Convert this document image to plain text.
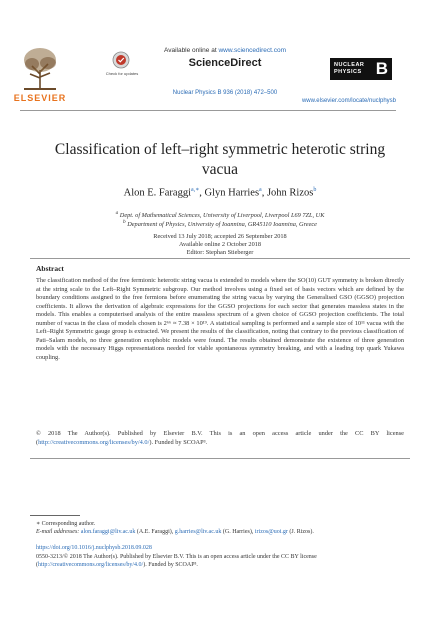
ELSEVIER
Check for updates
Available online at www.sciencedirect.com
ScienceDirect
Nuclear Physics B 936 (2018) 472–500
NUCLEAR
PHYSICS B
www.elsevier.com/locate/nuclphysb
Classification of left–right symmetric heterotic string vacua
Alon E. Faraggi$^{a,∗}$, Glyn Harries$^a$, John Rizos$^b$
$^a$ Dept. of Mathematical Sciences, University of Liverpool, Liverpool L69 7ZL, UK
$^b$ Department of Physics, University of Ioannina, GR45110 Ioannina, Greece
Received 13 July 2018; accepted 26 September 2018
Available online 2 October 2018
Editor: Stephan Stieberger
Abstract
The classification method of the free fermionic heterotic string vacua is extended to models where the SO(10) GUT symmetry is broken directly at the string scale to the Left–Right Symmetric subgroup. Our method involves using a fixed set of basis vectors which are defined by the boundary conditions assigned to the free fermions before enumerating the string vacua by varying the Generalised GSO (GGSO) projection coefficients. It allows the derivation of algebraic expressions for the GGSO projections for each sector that generates massless states in the models. This enables a computerised analysis of the entire massless spectrum of a given choice of GGSO projection coefficients. The total number of vacua in the class of models chosen is 2⁶⁶ ≈ 7.38 × 10¹⁹. A statistical sampling is performed and a sample size of 10¹¹ vacua with the Left–Right Symmetric gauge group is extracted. We present the results of the classification, noting that contrary to the previous classification of Pati–Salam models, no three generation exophobic models were found. The results obtained demonstrate the existence of three generation models with the necessary Higgs representations needed for viable spontaneous symmetry breaking, and with a leading top quark Yukawa coupling.
© 2018 The Author(s). Published by Elsevier B.V. This is an open access article under the CC BY license (http://creativecommons.org/licenses/by/4.0/). Funded by SCOAP³.
∗ Corresponding author.
E-mail addresses: alon.faraggi@liv.ac.uk (A.E. Faraggi), g.harries@liv.ac.uk (G. Harries), irizos@uoi.gr (J. Rizos).
https://doi.org/10.1016/j.nuclphysb.2018.09.028
0550-3213/© 2018 The Author(s). Published by Elsevier B.V. This is an open access article under the CC BY license
(http://creativecommons.org/licenses/by/4.0/). Funded by SCOAP³.
